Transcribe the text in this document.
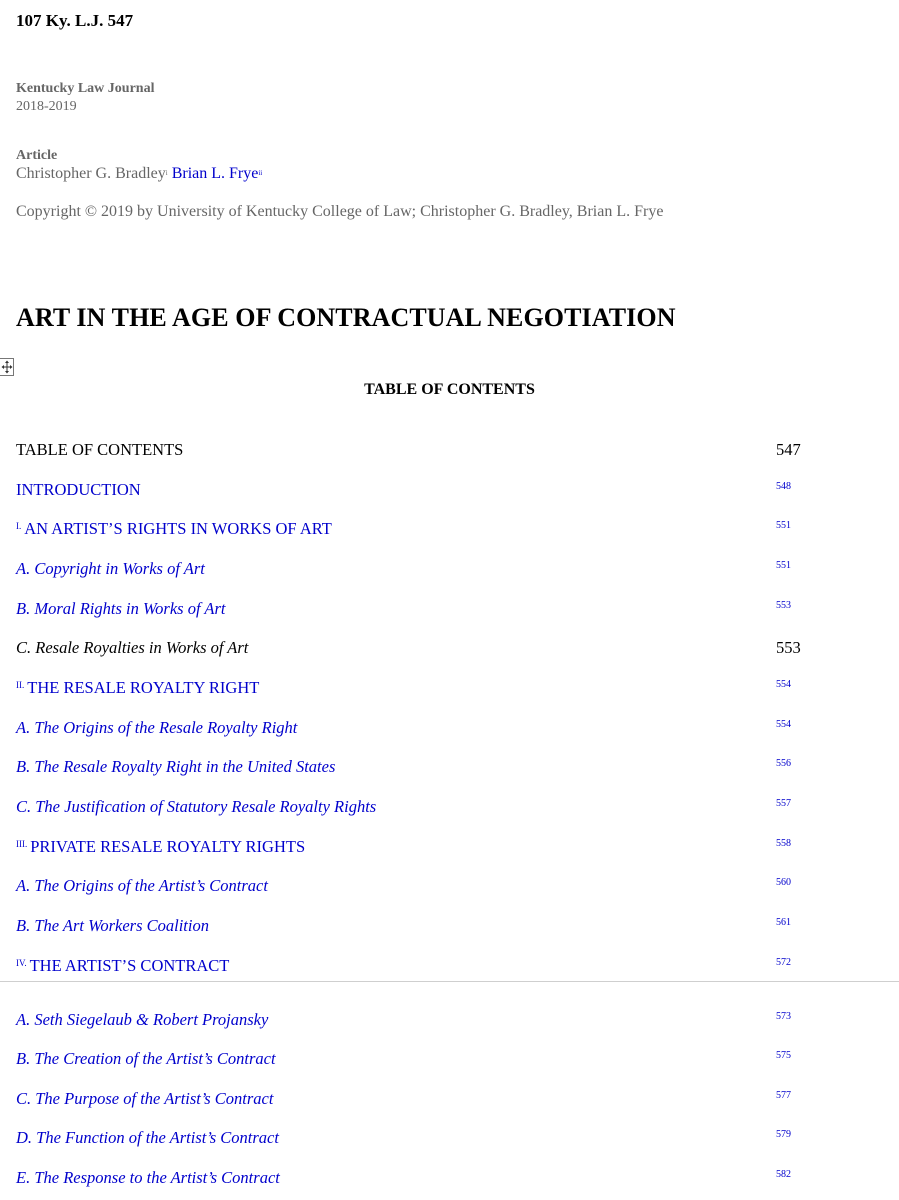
107 Ky. L.J. 547
Kentucky Law Journal
2018-2019
Article
Christopher G. Bradley$^i$ Brian L. Frye$^{ii}$
Copyright © 2019 by University of Kentucky College of Law; Christopher G. Bradley, Brian L. Frye
ART IN THE AGE OF CONTRACTUAL NEGOTIATION
TABLE OF CONTENTS
TABLE OF CONTENTS	547
INTRODUCTION	548
$^{I.}$ AN ARTIST’S RIGHTS IN WORKS OF ART	551
A. Copyright in Works of Art	551
B. Moral Rights in Works of Art	553
C. Resale Royalties in Works of Art	553
$^{II.}$ THE RESALE ROYALTY RIGHT	554
A. The Origins of the Resale Royalty Right	554
B. The Resale Royalty Right in the United States	556
C. The Justification of Statutory Resale Royalty Rights	557
$^{III.}$ PRIVATE RESALE ROYALTY RIGHTS	558
A. The Origins of the Artist’s Contract	560
B. The Art Workers Coalition	561
$^{IV.}$ THE ARTIST’S CONTRACT	572
A. Seth Siegelaub & Robert Projansky	573
B. The Creation of the Artist’s Contract	575
C. The Purpose of the Artist’s Contract	577
D. The Function of the Artist’s Contract	579
E. The Response to the Artist’s Contract	582
